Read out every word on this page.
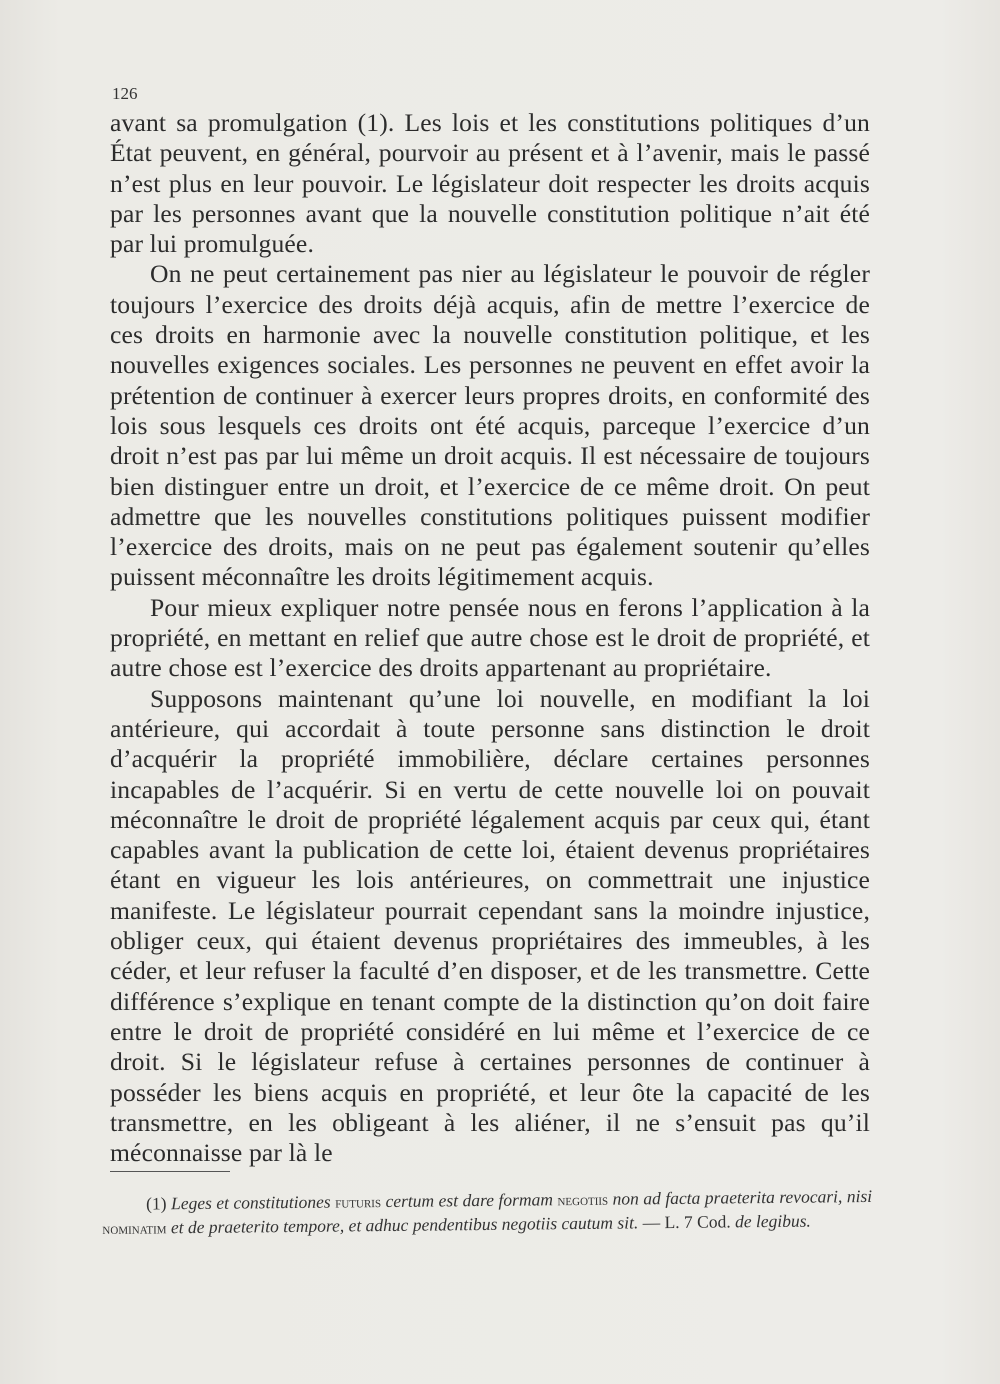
126

avant sa promulgation (1). Les lois et les constitutions politiques d’un État peuvent, en général, pourvoir au présent et à l’avenir, mais le passé n’est plus en leur pouvoir. Le législateur doit respecter les droits acquis par les personnes avant que la nouvelle constitution politique n’ait été par lui promulguée.

On ne peut certainement pas nier au législateur le pouvoir de régler toujours l’exercice des droits déjà acquis, afin de mettre l’exercice de ces droits en harmonie avec la nouvelle constitution politique, et les nouvelles exigences sociales. Les personnes ne peuvent en effet avoir la prétention de continuer à exercer leurs propres droits, en conformité des lois sous lesquels ces droits ont été acquis, parceque l’exercice d’un droit n’est pas par lui même un droit acquis. Il est nécessaire de toujours bien distinguer entre un droit, et l’exercice de ce même droit. On peut admettre que les nouvelles constitutions politiques puissent modifier l’exercice des droits, mais on ne peut pas également soutenir qu’elles puissent méconnaître les droits légitimement acquis.

Pour mieux expliquer notre pensée nous en ferons l’application à la propriété, en mettant en relief que autre chose est le droit de propriété, et autre chose est l’exercice des droits appartenant au propriétaire.

Supposons maintenant qu’une loi nouvelle, en modifiant la loi antérieure, qui accordait à toute personne sans distinction le droit d’acquérir la propriété immobilière, déclare certaines personnes incapables de l’acquérir. Si en vertu de cette nouvelle loi on pouvait méconnaître le droit de propriété légalement acquis par ceux qui, étant capables avant la publication de cette loi, étaient devenus propriétaires étant en vigueur les lois antérieures, on commettrait une injustice manifeste. Le législateur pourrait cependant sans la moindre injustice, obliger ceux, qui étaient devenus propriétaires des immeubles, à les céder, et leur refuser la faculté d’en disposer, et de les transmettre. Cette différence s’explique en tenant compte de la distinction qu’on doit faire entre le droit de propriété considéré en lui même et l’exercice de ce droit. Si le législateur refuse à certaines personnes de continuer à posséder les biens acquis en propriété, et leur ôte la capacité de les transmettre, en les obligeant à les aliéner, il ne s’ensuit pas qu’il méconnaisse par là le

(1) Leges et constitutiones futuris certum est dare formam negotiis non ad facta praeterita revocari, nisi nominatim et de praeterito tempore, et adhuc pendentibus negotiis cautum sit. — L. 7 Cod. de legibus.
